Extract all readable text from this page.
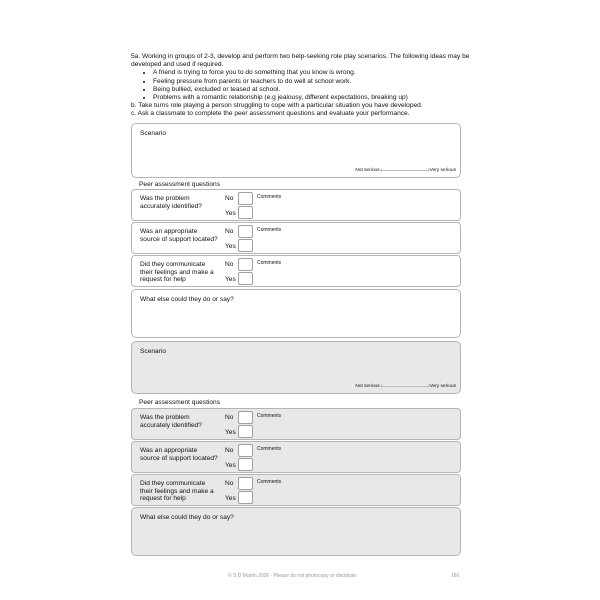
5a. Working in groups of 2-3, develop and perform two help-seeking role play scenarios. The following ideas may be developed and used if required.

• A friend is trying to force you to do something that you know is wrong.
• Feeling pressure from parents or teachers to do well at school work.
• Being bullied, excluded or teased at school.
• Problems with a romantic relationship (e.g jealousy, different expectations, breaking up)

b. Take turns role playing a person struggling to cope with a particular situation you have developed.

c. Ask a classmate to complete the peer assessment questions and evaluate your performance.

Scenario
Not serious	Very serious
Peer assessment questions
Was the problem accurately identified?
No
Yes
Comments
Was an appropriate source of support located?
No
Yes
Comments
Did they communicate their feelings and make a request for help
No
Yes
Comments
What else could they do or say?
Scenario
Not serious	Very serious
Peer assessment questions
Was the problem accurately identified?
No
Yes
Comments
Was an appropriate source of support located?
No
Yes
Comments
Did they communicate their feelings and make a request for help
No
Yes
Comments
What else could they do or say?
© S D Martin 2026 - Please do not photocopy or distribute	160
